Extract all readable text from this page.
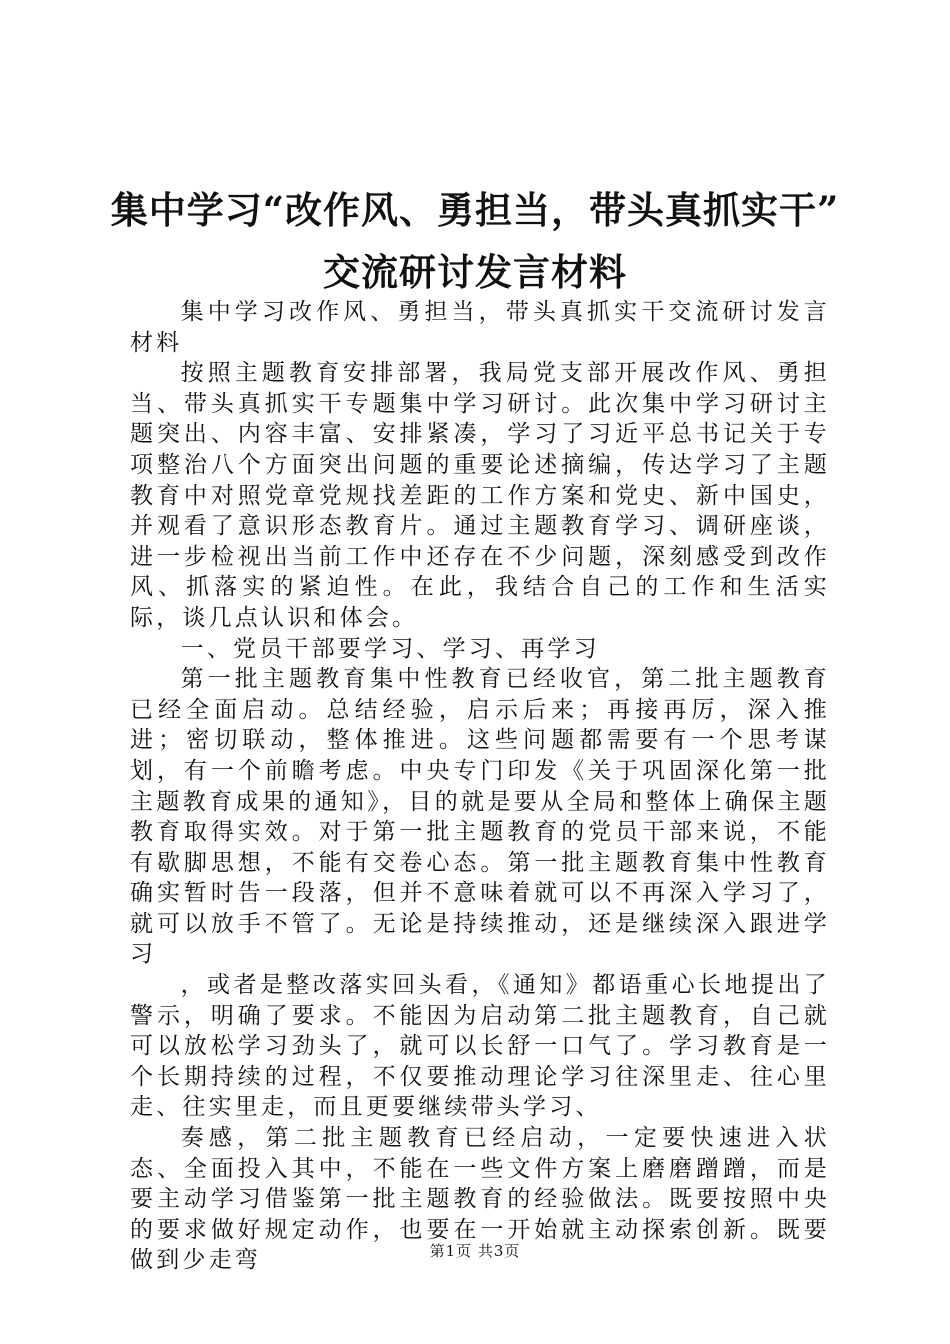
集中学习“改作风、勇担当，带头真抓实干”
交流研讨发言材料

集中学习改作风、勇担当，带头真抓实干交流研讨发言材料

按照主题教育安排部署，我局党支部开展改作风、勇担当、带头真抓实干专题集中学习研讨。此次集中学习研讨主题突出、内容丰富、安排紧凑，学习了习近平总书记关于专项整治八个方面突出问题的重要论述摘编，传达学习了主题教育中对照党章党规找差距的工作方案和党史、新中国史，并观看了意识形态教育片。通过主题教育学习、调研座谈，进一步检视出当前工作中还存在不少问题，深刻感受到改作风、抓落实的紧迫性。在此，我结合自己的工作和生活实际，谈几点认识和体会。

一、党员干部要学习、学习、再学习

第一批主题教育集中性教育已经收官，第二批主题教育已经全面启动。总结经验，启示后来；再接再厉，深入推进；密切联动，整体推进。这些问题都需要有一个思考谋划，有一个前瞻考虑。中央专门印发《关于巩固深化第一批主题教育成果的通知》，目的就是要从全局和整体上确保主题教育取得实效。对于第一批主题教育的党员干部来说，不能有歇脚思想，不能有交卷心态。第一批主题教育集中性教育确实暂时告一段落，但并不意味着就可以不再深入学习了，就可以放手不管了。无论是持续推动，还是继续深入跟进学习

，或者是整改落实回头看，《通知》都语重心长地提出了警示，明确了要求。不能因为启动第二批主题教育，自己就可以放松学习劲头了，就可以长舒一口气了。学习教育是一个长期持续的过程，不仅要推动理论学习往深里走、往心里走、往实里走，而且更要继续带头学习、

奏感，第二批主题教育已经启动，一定要快速进入状态、全面投入其中，不能在一些文件方案上磨磨蹭蹭，而是要主动学习借鉴第一批主题教育的经验做法。既要按照中央的要求做好规定动作，也要在一开始就主动探索创新。既要做到少走弯	第1页 共3页
